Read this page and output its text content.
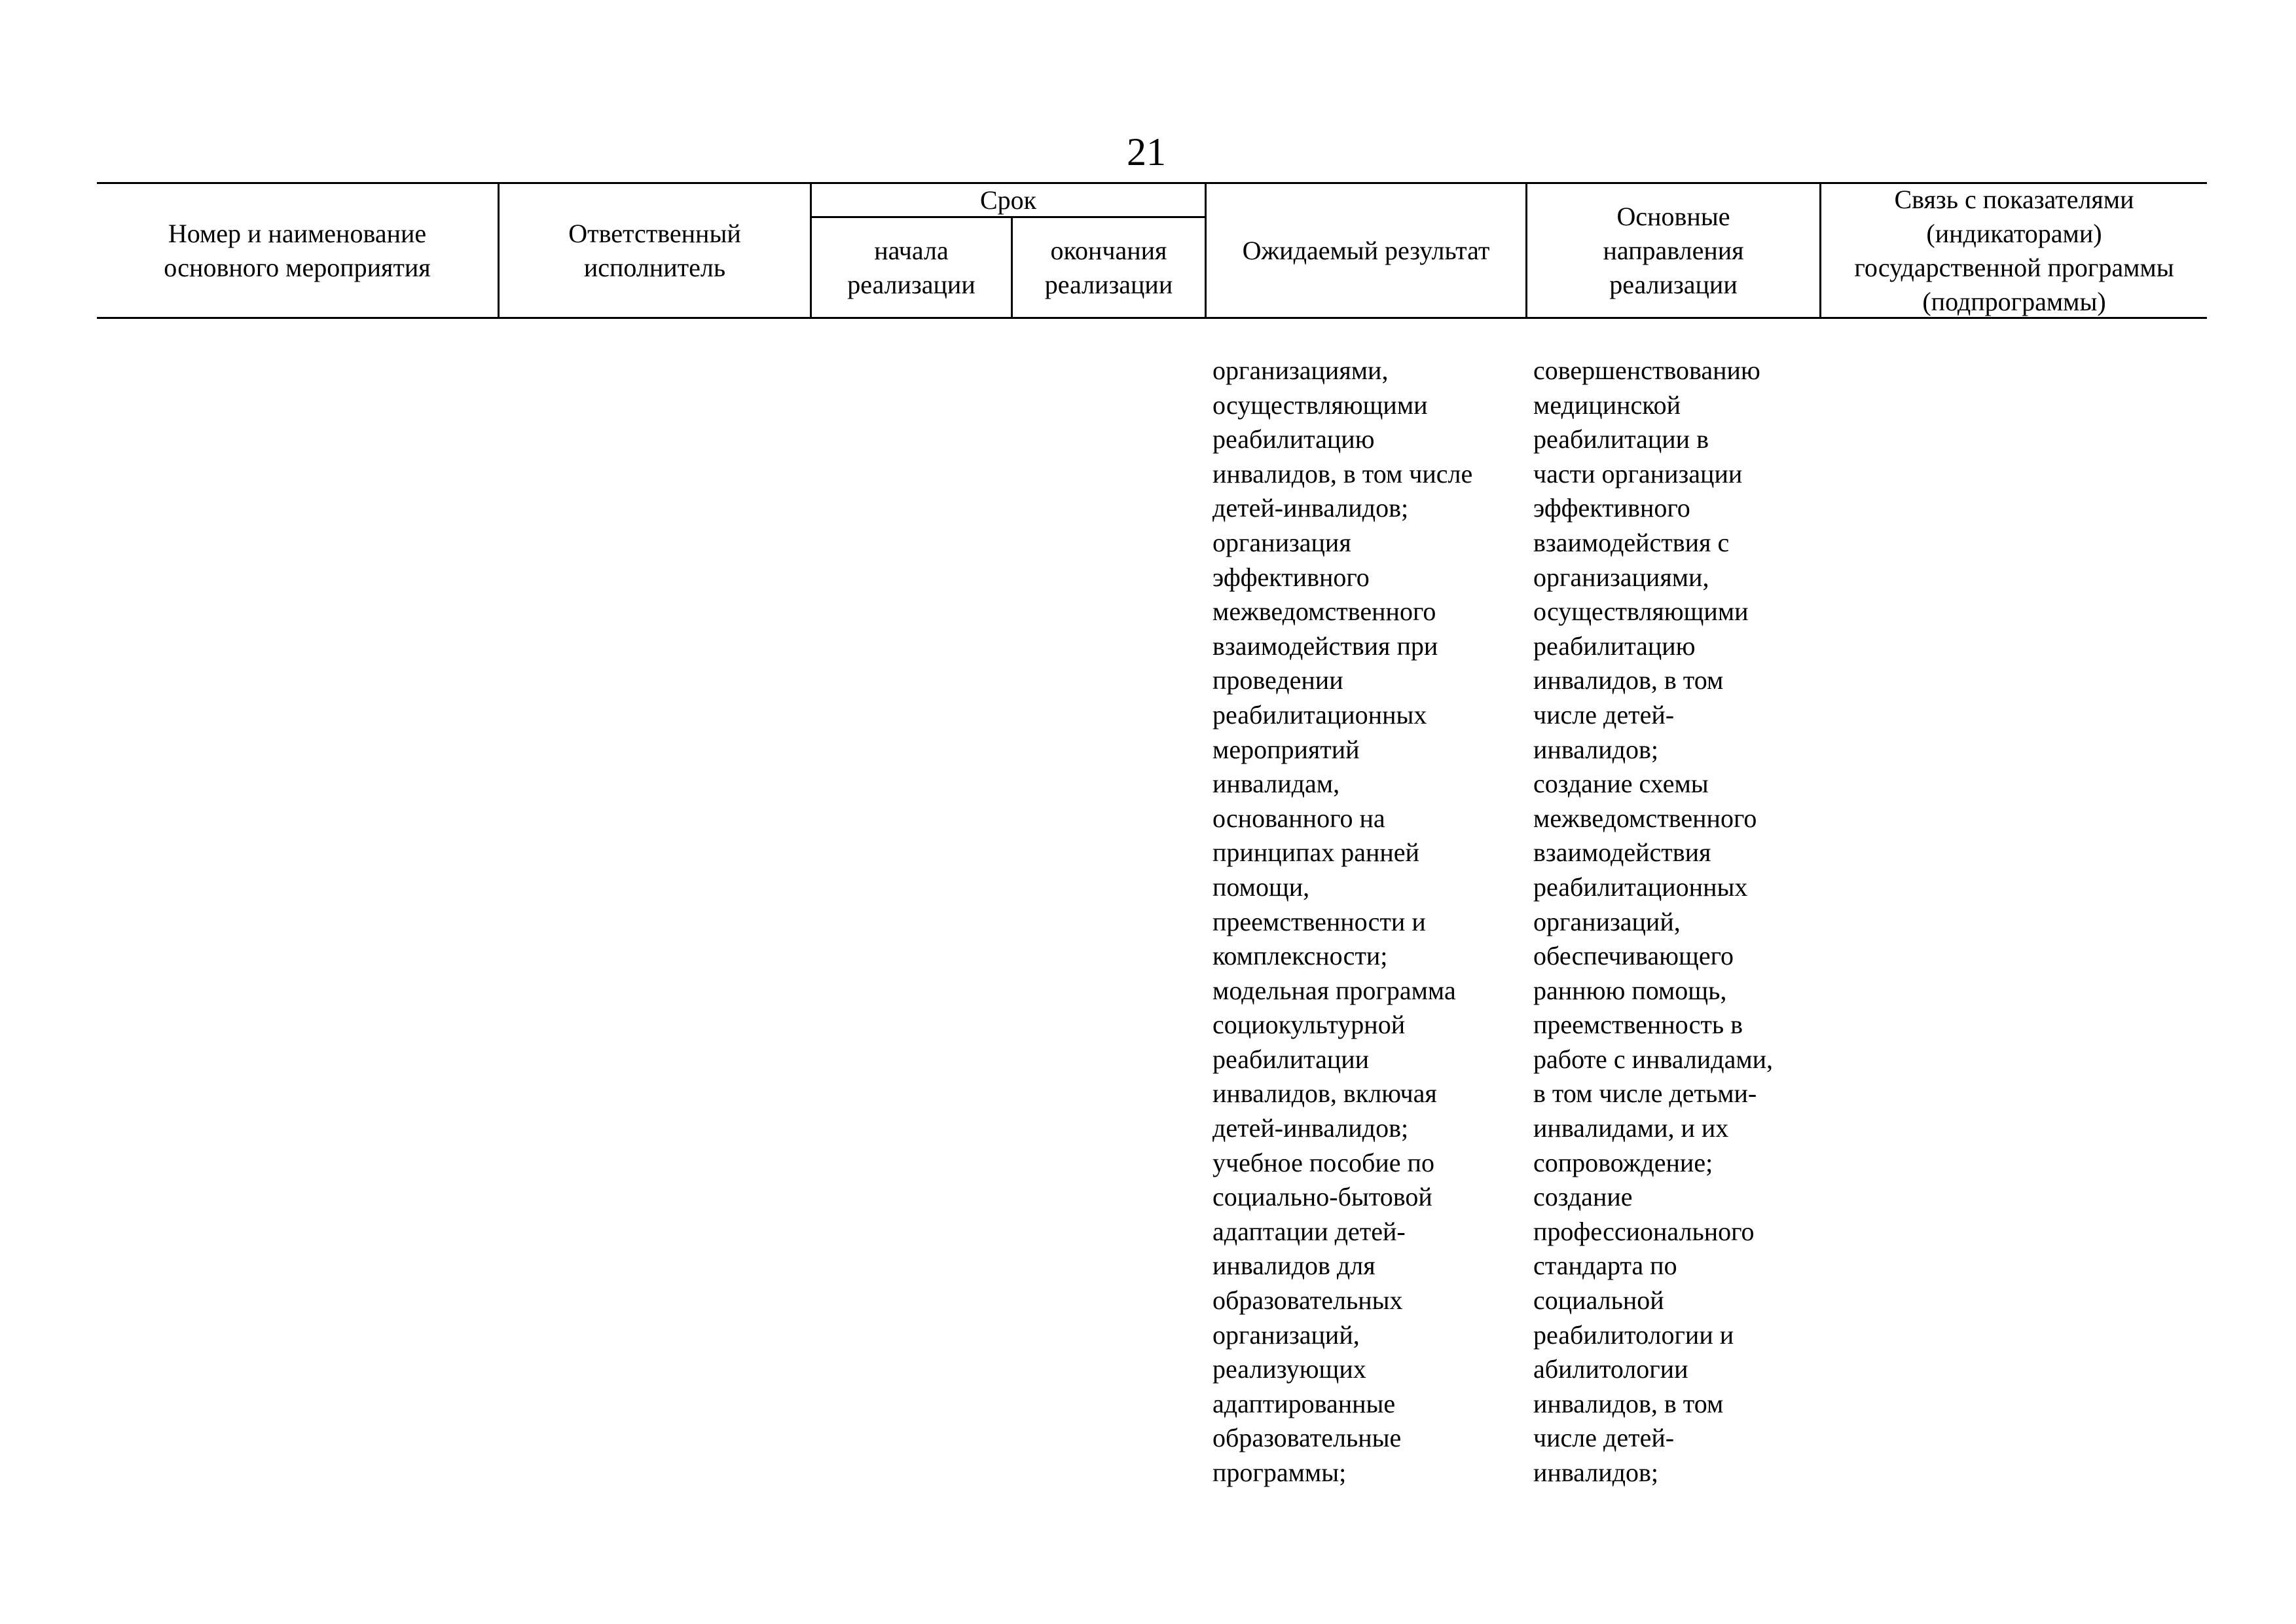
21
Номер и наименование
основного мероприятия
Ответственный
исполнитель
Срок
начала
реализации
окончания
реализации
Ожидаемый результат
Основные
направления
реализации
Связь с показателями
(индикаторами)
государственной программы
(подпрограммы)
организациями,
осуществляющими
реабилитацию
инвалидов, в том числе
детей-инвалидов;
организация
эффективного
межведомственного
взаимодействия при
проведении
реабилитационных
мероприятий
инвалидам,
основанного на
принципах ранней
помощи,
преемственности и
комплексности;
модельная программа
социокультурной
реабилитации
инвалидов, включая
детей-инвалидов;
учебное пособие по
социально-бытовой
адаптации детей-
инвалидов для
образовательных
организаций,
реализующих
адаптированные
образовательные
программы;
совершенствованию
медицинской
реабилитации в
части организации
эффективного
взаимодействия с
организациями,
осуществляющими
реабилитацию
инвалидов, в том
числе детей-
инвалидов;
создание схемы
межведомственного
взаимодействия
реабилитационных
организаций,
обеспечивающего
раннюю помощь,
преемственность в
работе с инвалидами,
в том числе детьми-
инвалидами, и их
сопровождение;
создание
профессионального
стандарта по
социальной
реабилитологии и
абилитологии
инвалидов, в том
числе детей-
инвалидов;
